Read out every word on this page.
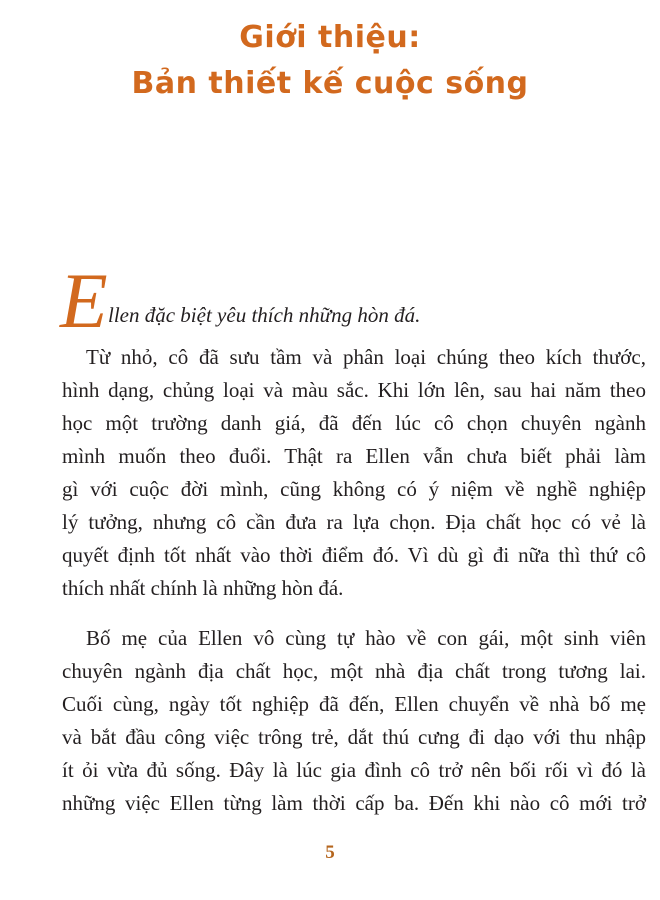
Giới thiệu:
Bản thiết kế cuộc sống
E llen đặc biệt yêu thích những hòn đá.
Từ nhỏ, cô đã sưu tầm và phân loại chúng theo kích thước,
hình dạng, chủng loại và màu sắc. Khi lớn lên, sau hai năm theo
học một trường danh giá, đã đến lúc cô chọn chuyên ngành
mình muốn theo đuổi. Thật ra Ellen vẫn chưa biết phải làm
gì với cuộc đời mình, cũng không có ý niệm về nghề nghiệp
lý tưởng, nhưng cô cần đưa ra lựa chọn. Địa chất học có vẻ là
quyết định tốt nhất vào thời điểm đó. Vì dù gì đi nữa thì thứ cô
thích nhất chính là những hòn đá.
Bố mẹ của Ellen vô cùng tự hào về con gái, một sinh viên
chuyên ngành địa chất học, một nhà địa chất trong tương lai.
Cuối cùng, ngày tốt nghiệp đã đến, Ellen chuyển về nhà bố mẹ
và bắt đầu công việc trông trẻ, dắt thú cưng đi dạo với thu nhập
ít ỏi vừa đủ sống. Đây là lúc gia đình cô trở nên bối rối vì đó là
những việc Ellen từng làm thời cấp ba. Đến khi nào cô mới trở
5
